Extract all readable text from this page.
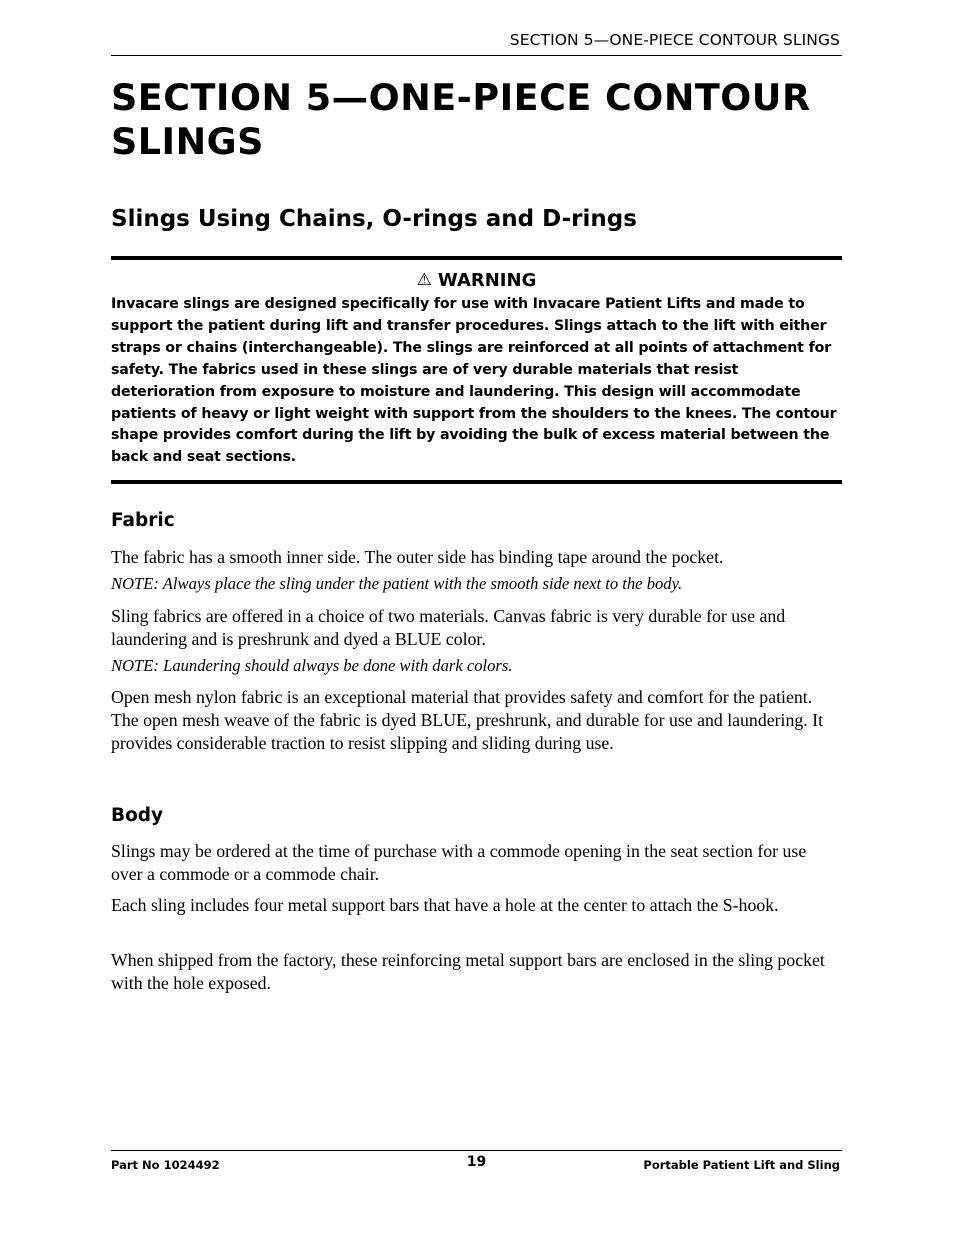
SECTION 5—ONE-PIECE CONTOUR SLINGS
SECTION 5—ONE-PIECE CONTOUR SLINGS
Slings Using Chains, O-rings and D-rings
⚠ WARNING

Invacare slings are designed specifically for use with Invacare Patient Lifts and made to support the patient during lift and transfer procedures. Slings attach to the lift with either straps or chains (interchangeable). The slings are reinforced at all points of attachment for safety. The fabrics used in these slings are of very durable materials that resist deterioration from exposure to moisture and laundering. This design will accommodate patients of heavy or light weight with support from the shoulders to the knees. The contour shape provides comfort during the lift by avoiding the bulk of excess material between the back and seat sections.

Fabric

The fabric has a smooth inner side. The outer side has binding tape around the pocket.

NOTE: Always place the sling under the patient with the smooth side next to the body.

Sling fabrics are offered in a choice of two materials. Canvas fabric is very durable for use and laundering and is preshrunk and dyed a BLUE color.

NOTE: Laundering should always be done with dark colors.

Open mesh nylon fabric is an exceptional material that provides safety and comfort for the patient. The open mesh weave of the fabric is dyed BLUE, preshrunk, and durable for use and laundering. It provides considerable traction to resist slipping and sliding during use.

Body

Slings may be ordered at the time of purchase with a commode opening in the seat section for use over a commode or a commode chair.

Each sling includes four metal support bars that have a hole at the center to attach the S-hook.

When shipped from the factory, these reinforcing metal support bars are enclosed in the sling pocket with the hole exposed.

Part No 1024492	19	Portable Patient Lift and Sling
